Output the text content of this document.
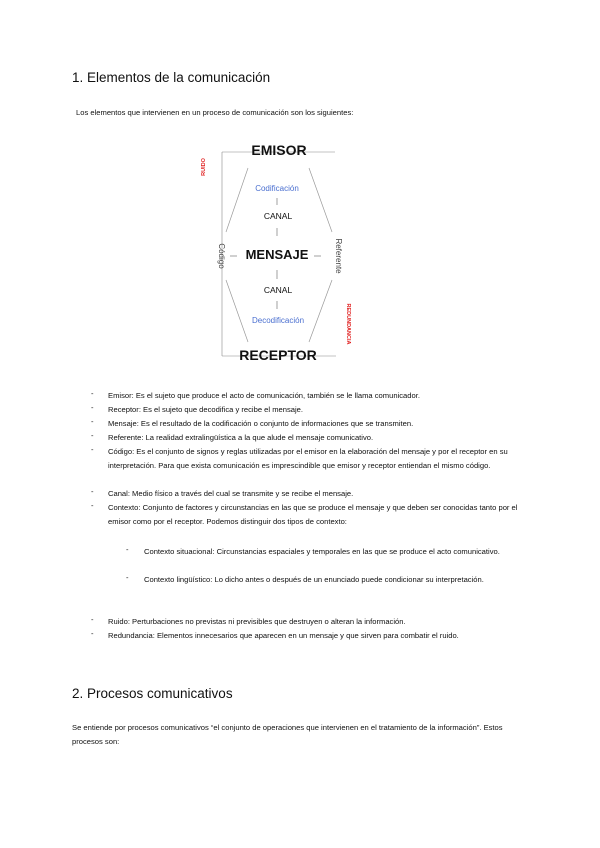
1. Elementos de la comunicación
Los elementos que intervienen en un proceso de comunicación son los siguientes:
EMISOR
Codificación
CANAL
MENSAJE
CANAL
Decodificación
RECEPTOR
Código	Referente
RUIDO
REDUNDANCIA
- Emisor: Es el sujeto que produce el acto de comunicación, también se le llama comunicador.
- Receptor: Es el sujeto que decodifica y recibe el mensaje.
- Mensaje: Es el resultado de la codificación o conjunto de informaciones que se transmiten.
- Referente: La realidad extralingüística a la que alude el mensaje comunicativo.
- Código: Es el conjunto de signos y reglas utilizadas por el emisor en la elaboración del mensaje y por el receptor en su interpretación. Para que exista comunicación es imprescindible que emisor y receptor entiendan el mismo código.
- Canal: Medio físico a través del cual se transmite y se recibe el mensaje.
- Contexto: Conjunto de factores y circunstancias en las que se produce el mensaje y que deben ser conocidas tanto por el emisor como por el receptor. Podemos distinguir dos tipos de contexto:
- Contexto situacional: Circunstancias espaciales y temporales en las que se produce el acto comunicativo.
- Contexto lingüístico: Lo dicho antes o después de un enunciado puede condicionar su interpretación.
- Ruido: Perturbaciones no previstas ni previsibles que destruyen o alteran la información.
- Redundancia: Elementos innecesarios que aparecen en un mensaje y que sirven para combatir el ruido.
2. Procesos comunicativos
Se entiende por procesos comunicativos “el conjunto de operaciones que intervienen en el tratamiento de la información”. Estos procesos son:
